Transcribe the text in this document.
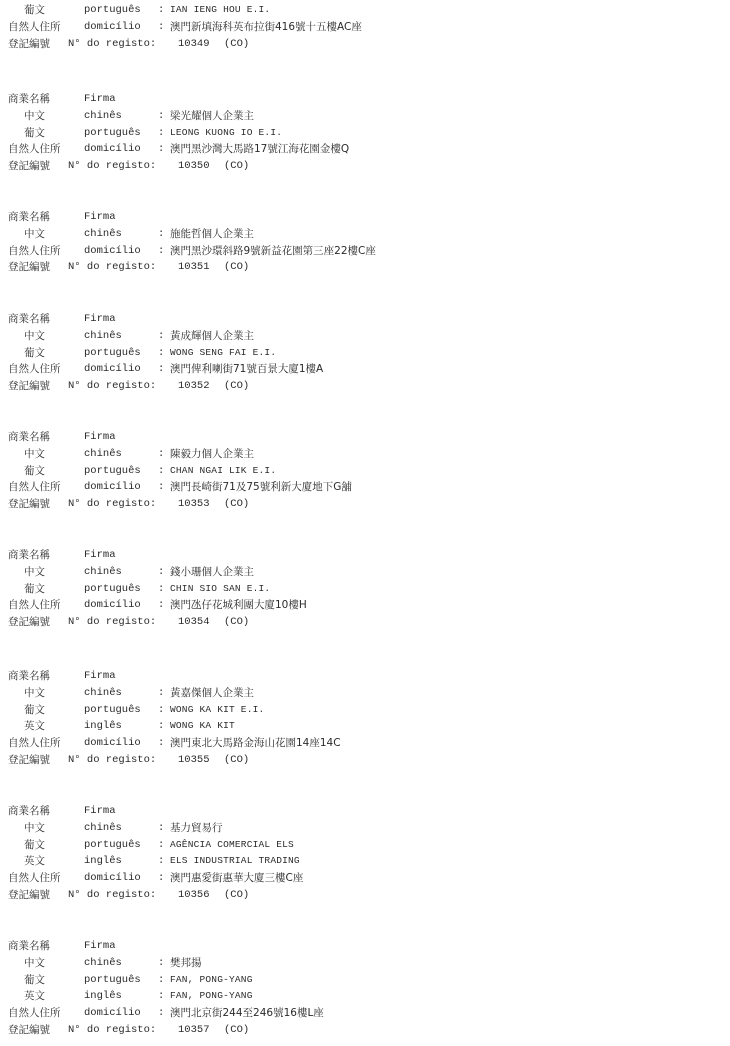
葡文	português : IAN IENG HOU E.I.
自然人住所 domicílio : 澳門新填海科英布拉街416號十五樓AC座
登記編號 N° do registo: 10349 (CO)
商業名稱	Firma
中文	chinês	: 梁光耀個人企業主
葡文	português : LEONG KUONG IO E.I.
自然人住所 domicílio : 澳門黑沙灣大馬路17號江海花園金樓Q
登記編號 N° do registo: 10350 (CO)
商業名稱	Firma
中文	chinês	: 施能哲個人企業主
自然人住所 domicílio : 澳門黑沙環斜路9號新益花園第三座22樓C座
登記編號 N° do registo: 10351 (CO)
商業名稱	Firma
中文	chinês	: 黃成輝個人企業主
葡文	português : WONG SENG FAI E.I.
自然人住所 domicílio : 澳門俾利喇街71號百景大廈1樓A
登記編號 N° do registo: 10352 (CO)
商業名稱	Firma
中文	chinês	: 陳毅力個人企業主
葡文	português : CHAN NGAI LIK E.I.
自然人住所 domicílio : 澳門長崎街71及75號利新大廈地下G舖
登記編號 N° do registo: 10353 (CO)
商業名稱	Firma
中文	chinês	: 錢小珊個人企業主
葡文	português : CHIN SIO SAN E.I.
自然人住所 domicílio : 澳門氹仔花城利團大廈10樓H
登記編號 N° do registo: 10354 (CO)
商業名稱	Firma
中文	chinês	: 黃嘉傑個人企業主
葡文	português : WONG KA KIT E.I.
英文	inglês	: WONG KA KIT
自然人住所 domicílio : 澳門東北大馬路金海山花園14座14C
登記編號 N° do registo: 10355 (CO)
商業名稱	Firma
中文	chinês	: 基力貿易行
葡文	português : AGÊNCIA COMERCIAL ELS
英文	inglês	: ELS INDUSTRIAL TRADING
自然人住所 domicílio : 澳門惠愛街惠華大廈三樓C座
登記編號 N° do registo: 10356 (CO)
商業名稱	Firma
中文	chinês	: 樊邦揚
葡文	português : FAN, PONG-YANG
英文	inglês	: FAN, PONG-YANG
自然人住所 domicílio : 澳門北京街244至246號16樓L座
登記編號 N° do registo: 10357 (CO)
